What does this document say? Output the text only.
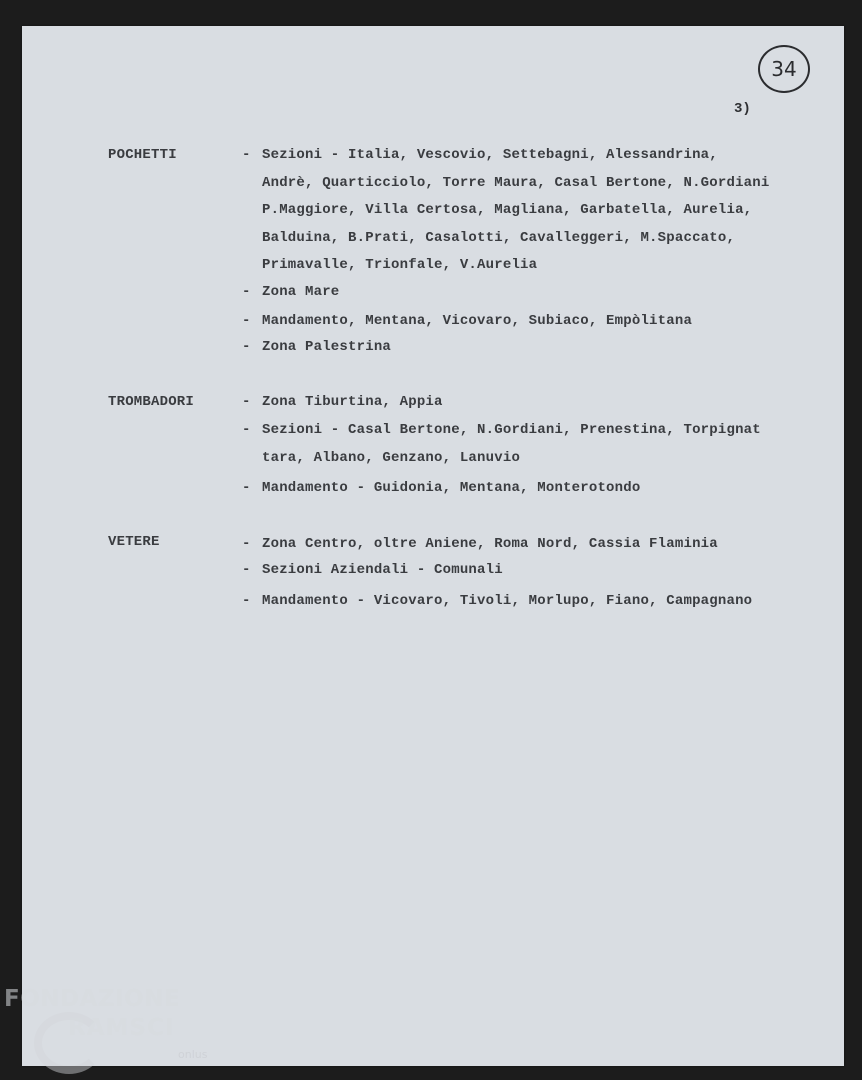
34
3)
POCHETTI	- Sezioni - Italia, Vescovio, Settebagni, Alessandrina,
Andrè, Quarticciolo, Torre Maura, Casal Bertone, N.Gordiani
P.Maggiore, Villa Certosa, Magliana, Garbatella, Aurelia,
Balduina, B.Prati, Casalotti, Cavalleggeri, M.Spaccato,
Primavalle, Trionfale, V.Aurelia
- Zona Mare
- Mandamento, Mentana, Vicovaro, Subiaco, Empòlitana
- Zona Palestrina
TROMBADORI	- Zona Tiburtina, Appia
- Sezioni - Casal Bertone, N.Gordiani, Prenestina, Torpignat
tara, Albano, Genzano, Lanuvio
- Mandamento - Guidonia, Mentana, Monterotondo
VETERE	- Zona Centro, oltre Aniene, Roma Nord, Cassia Flaminia
- Sezioni Aziendali - Comunali
- Mandamento - Vicovaro, Tivoli, Morlupo, Fiano, Campagnano
FONDAZIONE
RAMSCI
onlus
